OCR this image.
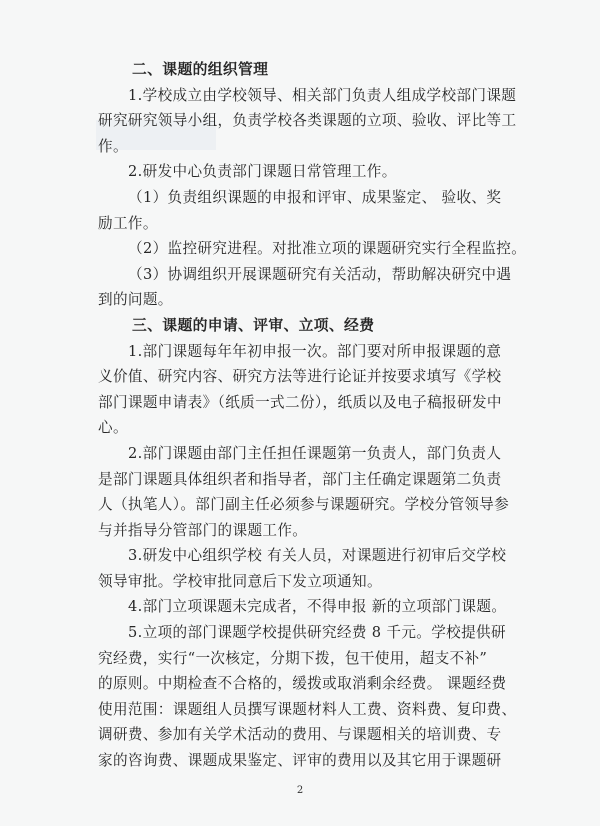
二、课题的组织管理
1.学校成立由学校领导、相关部门负责人组成学校部门课题
研究研究领导小组，负责学校各类课题的立项、验收、评比等工
作。
2.研发中心负责部门课题日常管理工作。
（1）负责组织课题的申报和评审、成果鉴定、 验收、奖
励工作。
（2）监控研究进程。对批准立项的课题研究实行全程监控。
（3）协调组织开展课题研究有关活动，帮助解决研究中遇
到的问题。
三、课题的申请、评审、立项、经费
1.部门课题每年年初申报一次。部门要对所申报课题的意
义价值、研究内容、研究方法等进行论证并按要求填写《学校
部门课题申请表》（纸质一式二份），纸质以及电子稿报研发中
心。
2.部门课题由部门主任担任课题第一负责人，部门负责人
是部门课题具体组织者和指导者，部门主任确定课题第二负责
人（执笔人）。部门副主任必须参与课题研究。学校分管领导参
与并指导分管部门的课题工作。
3.研发中心组织学校 有关人员，对课题进行初审后交学校
领导审批。学校审批同意后下发立项通知。
4.部门立项课题未完成者，不得申报 新的立项部门课题。
5.立项的部门课题学校提供研究经费 8 千元。学校提供研
究经费，实行“一次核定，分期下拨，包干使用，超支不补”
的原则。中期检查不合格的，缓拨或取消剩余经费。 课题经费
使用范围：课题组人员撰写课题材料人工费、资料费、复印费、
调研费、参加有关学术活动的费用、与课题相关的培训费、专
家的咨询费、课题成果鉴定、评审的费用以及其它用于课题研
2
